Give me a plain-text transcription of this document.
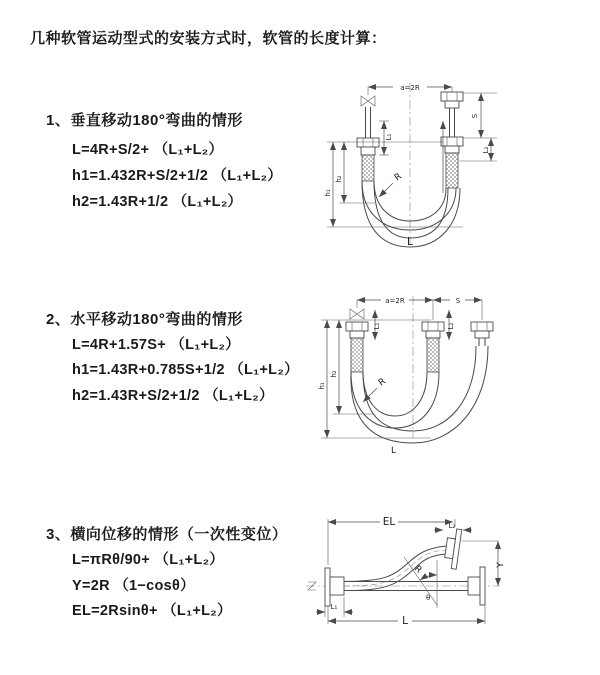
几种软管运动型式的安装方式时，软管的长度计算：
1、垂直移动180°弯曲的情形
L=4R+S/2+ （L₁+L₂）
h1=1.432R+S/2+1/2 （L₁+L₂）
h2=1.43R+1/2 （L₁+L₂）
2、水平移动180°弯曲的情形
L=4R+1.57S+ （L₁+L₂）
h1=1.43R+0.785S+1/2 （L₁+L₂）
h2=1.43R+S/2+1/2 （L₁+L₂）
3、横向位移的情形（一次性变位）
L=πRθ/90+ （L₁+L₂）
Y=2R （1−cosθ）
EL=2Rsinθ+ （L₁+L₂）
a=2R
h₁
h₂
L₁
S
L₂
R
L
a=2R	S
L₁	L₂
h₁
h₂
R
L
EL	L₂
Y
θ
R
L
L₁
